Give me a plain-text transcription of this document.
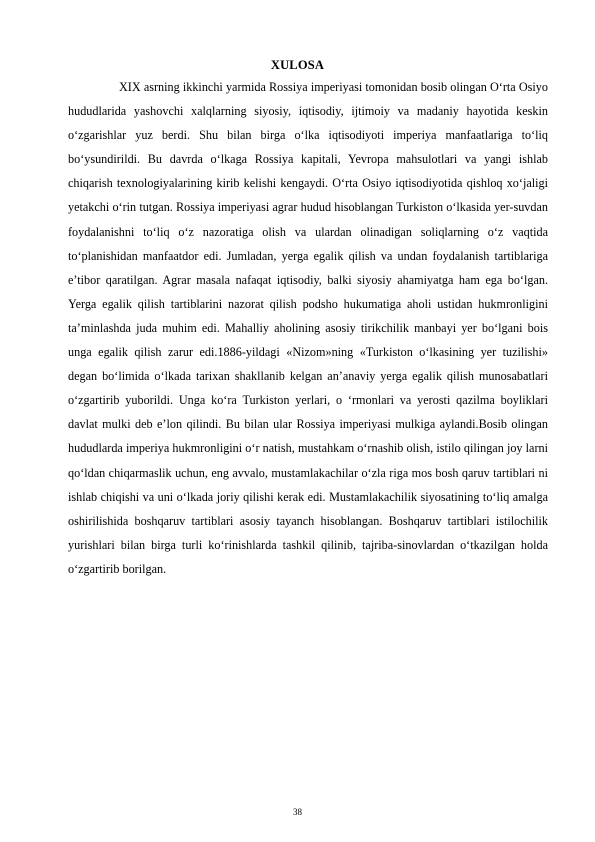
XULOSA

XIX asrning ikkinchi yarmida Rossiya imperiyasi tomonidan bosib olingan O‘rta Osiyo hududlarida yashovchi xalqlarning siyosiy, iqtisodiy, ijtimoiy va madaniy hayotida keskin o‘zgarishlar yuz berdi. Shu bilan birga o‘lka iqtisodiyoti imperiya manfaatlariga to‘liq bo‘ysundirildi. Bu davrda o‘lkaga Rossiya kapitali, Yevropa mahsulotlari va yangi ishlab chiqarish texnologiyalarining kirib kelishi kengaydi. O‘rta Osiyo iqtisodiyotida qishloq xo‘jaligi yetakchi o‘rin tutgan. Rossiya imperiyasi agrar hudud hisoblangan Turkiston o‘lkasida yer-suvdan foydalanishni to‘liq o‘z nazoratiga olish va ulardan olinadigan soliqlarning o‘z vaqtida to‘planishidan manfaatdor edi. Jumladan, yerga egalik qilish va undan foydalanish tartiblariga e’tibor qaratilgan. Agrar masala nafaqat iqtisodiy, balki siyosiy ahamiyatga ham ega bo‘lgan. Yerga egalik qilish tartiblarini nazorat qilish podsho hukumatiga aholi ustidan hukmronligini ta’minlashda juda muhim edi. Mahalliy aholining asosiy tirikchilik manbayi yer bo‘lgani bois unga egalik qilish zarur edi.1886-yildagi «Nizom»ning «Turkiston o‘lkasining yer tuzilishi» degan bo‘limida o‘lkada tarixan shakllanib kelgan an’anaviy yerga egalik qilish munosabatlari o‘zgartirib yuborildi. Unga ko‘ra Turkiston yerlari, o ‘rmonlari va yerosti qazilma boyliklari davlat mulki deb e’lon qilindi. Bu bilan ular Rossiya imperiyasi mulkiga aylandi.Bosib olingan hududlarda imperiya hukmronligini o‘r natish, mustahkam o‘rnashib olish, istilo qilingan joy larni qo‘ldan chiqarmaslik uchun, eng avvalo, mustamlakachilar o‘zla riga mos bosh qaruv tartiblari ni ishlab chiqishi va uni o‘lkada joriy qilishi kerak edi. Mustamlakachilik siyosatining to‘liq amalga oshirilishida boshqaruv tartiblari asosiy tayanch hisoblangan. Boshqaruv tartiblari istilochilik yurishlari bilan birga turli ko‘rinishlarda tashkil qilinib, tajriba-sinovlardan o‘tkazilgan holda o‘zgartirib borilgan.

38
